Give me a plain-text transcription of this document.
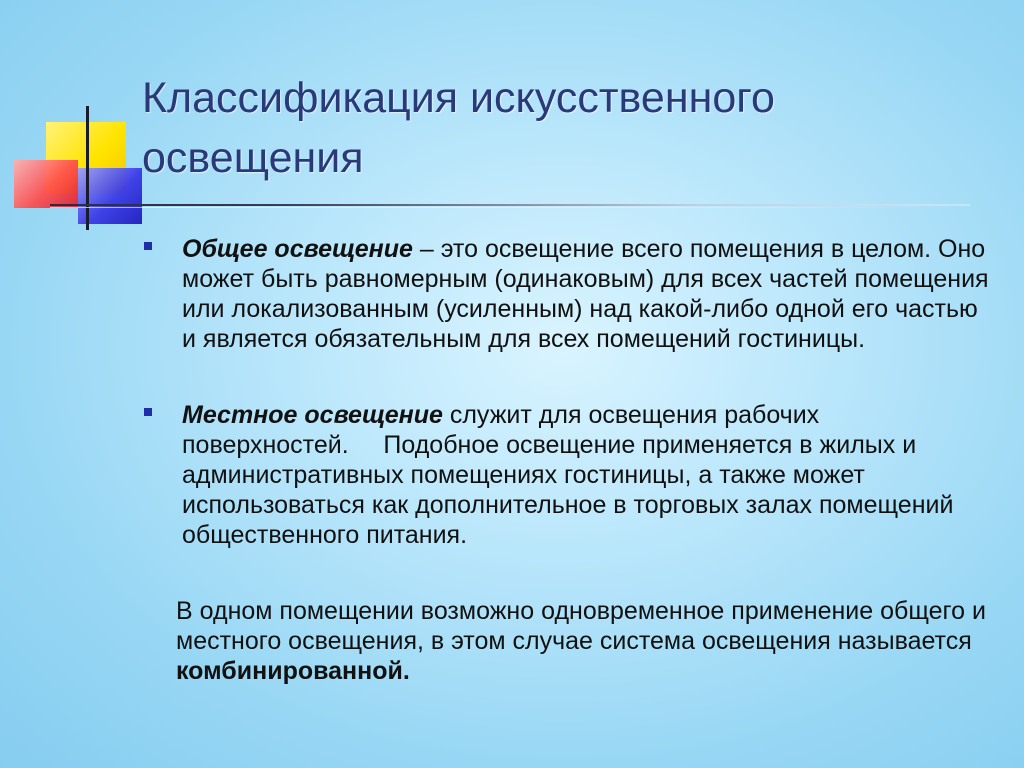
Классификация искусственного
освещения
Общее освещение – это освещение всего помещения в целом. Оно может быть равномерным (одинаковым) для всех частей помещения или локализованным (усиленным) над какой-либо одной его частью и является обязательным для всех помещений гостиницы.
Местное освещение служит для освещения рабочих поверхностей.     Подобное освещение применяется в жилых и административных помещениях гостиницы, а также может использоваться как дополнительное в торговых залах помещений общественного питания.
В одном помещении возможно одновременное применение общего и местного освещения, в этом случае система освещения называется комбинированной.
